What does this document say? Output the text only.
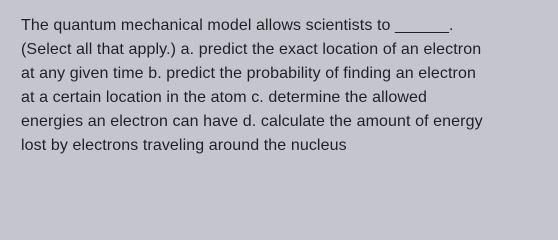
The quantum mechanical model allows scientists to ______.
(Select all that apply.) a. predict the exact location of an electron
at any given time b. predict the probability of finding an electron
at a certain location in the atom c. determine the allowed
energies an electron can have d. calculate the amount of energy
lost by electrons traveling around the nucleus
